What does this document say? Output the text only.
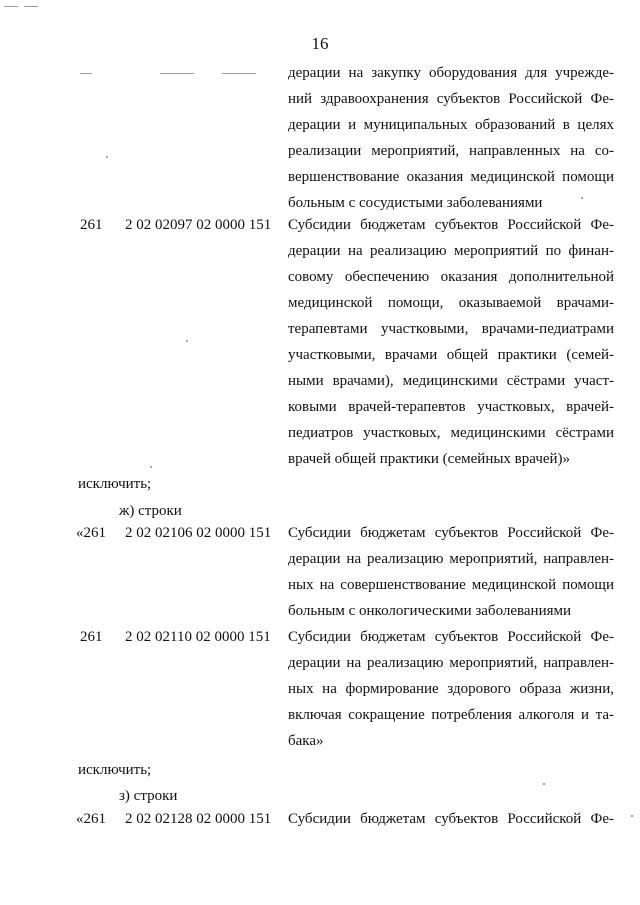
16
дерации на закупку оборудования для учрежде-
ний здравоохранения субъектов Российской Фе-
дерации и муниципальных образований в целях
реализации мероприятий, направленных на со-
вершенствование оказания медицинской помощи
больным с сосудистыми заболеваниями
261 2 02 02097 02 0000 151 Субсидии бюджетам субъектов Российской Фе-
дерации на реализацию мероприятий по финан-
совому обеспечению оказания дополнительной
медицинской помощи, оказываемой врачами-
терапевтами участковыми, врачами-педиатрами
участковыми, врачами общей практики (семей-
ными врачами), медицинскими сёстрами участ-
ковыми врачей-терапевтов участковых, врачей-
педиатров участковых, медицинскими сёстрами
врачей общей практики (семейных врачей)»
исключить;
ж) строки
«261 2 02 02106 02 0000 151 Субсидии бюджетам субъектов Российской Фе-
дерации на реализацию мероприятий, направлен-
ных на совершенствование медицинской помощи
больным с онкологическими заболеваниями
261 2 02 02110 02 0000 151 Субсидии бюджетам субъектов Российской Фе-
дерации на реализацию мероприятий, направлен-
ных на формирование здорового образа жизни,
включая сокращение потребления алкоголя и та-
бака»
исключить;
з) строки
«261 2 02 02128 02 0000 151 Субсидии бюджетам субъектов Российской Фе-
